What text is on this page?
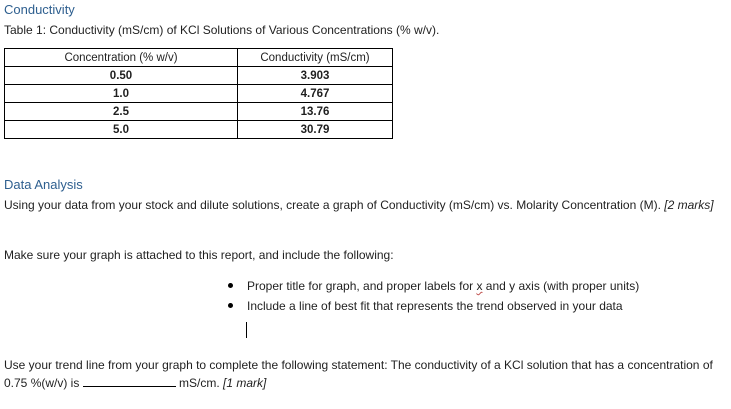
Conductivity
Table 1: Conductivity (mS/cm) of KCl Solutions of Various Concentrations (% w/v).
Concentration (% w/v)	Conductivity (mS/cm)
0.50	3.903
1.0	4.767
2.5	13.76
5.0	30.79
Data Analysis
Using your data from your stock and dilute solutions, create a graph of Conductivity (mS/cm) vs. Molarity Concentration (M). [2 marks]
Make sure your graph is attached to this report, and include the following:
Proper title for graph, and proper labels for x and y axis (with proper units)
Include a line of best fit that represents the trend observed in your data
Use your trend line from your graph to complete the following statement: The conductivity of a KCl solution that has a concentration of 0.75 %(w/v) is	mS/cm. [1 mark]
